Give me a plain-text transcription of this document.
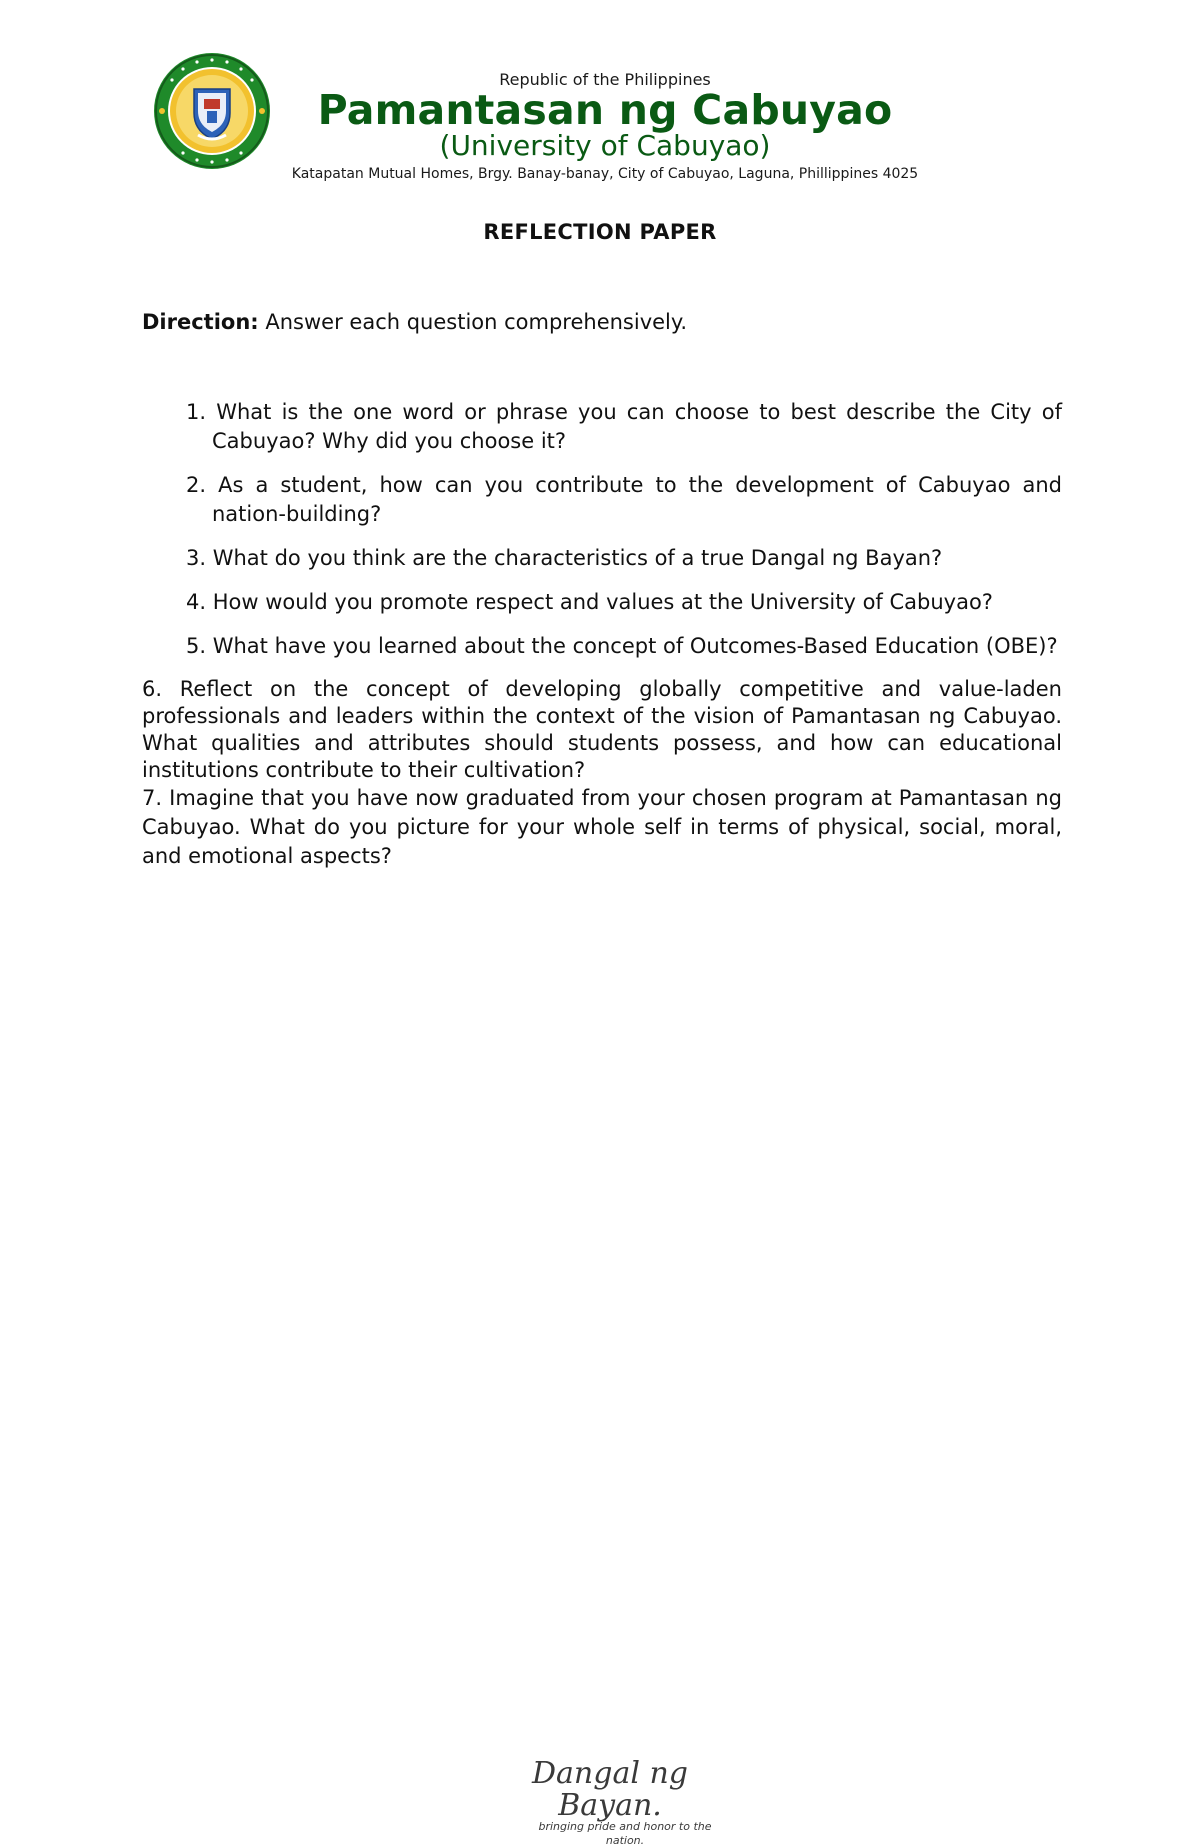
Republic of the Philippines
Pamantasan ng Cabuyao
(University of Cabuyao)
Katapatan Mutual Homes, Brgy. Banay-banay, City of Cabuyao, Laguna, Phillippines 4025
REFLECTION PAPER
Direction: Answer each question comprehensively.
1. What is the one word or phrase you can choose to best describe the City of Cabuyao? Why did you choose it?
2. As a student, how can you contribute to the development of Cabuyao and nation-building?
3. What do you think are the characteristics of a true Dangal ng Bayan?
4. How would you promote respect and values at the University of Cabuyao?
5. What have you learned about the concept of Outcomes-Based Education (OBE)?

6. Reflect on the concept of developing globally competitive and value-laden professionals and leaders within the context of the vision of Pamantasan ng Cabuyao. What qualities and attributes should students possess, and how can educational institutions contribute to their cultivation?

7. Imagine that you have now graduated from your chosen program at Pamantasan ng Cabuyao. What do you picture for your whole self in terms of physical, social, moral, and emotional aspects?

Dangal ng Bayan.
bringing pride and honor to the nation.
